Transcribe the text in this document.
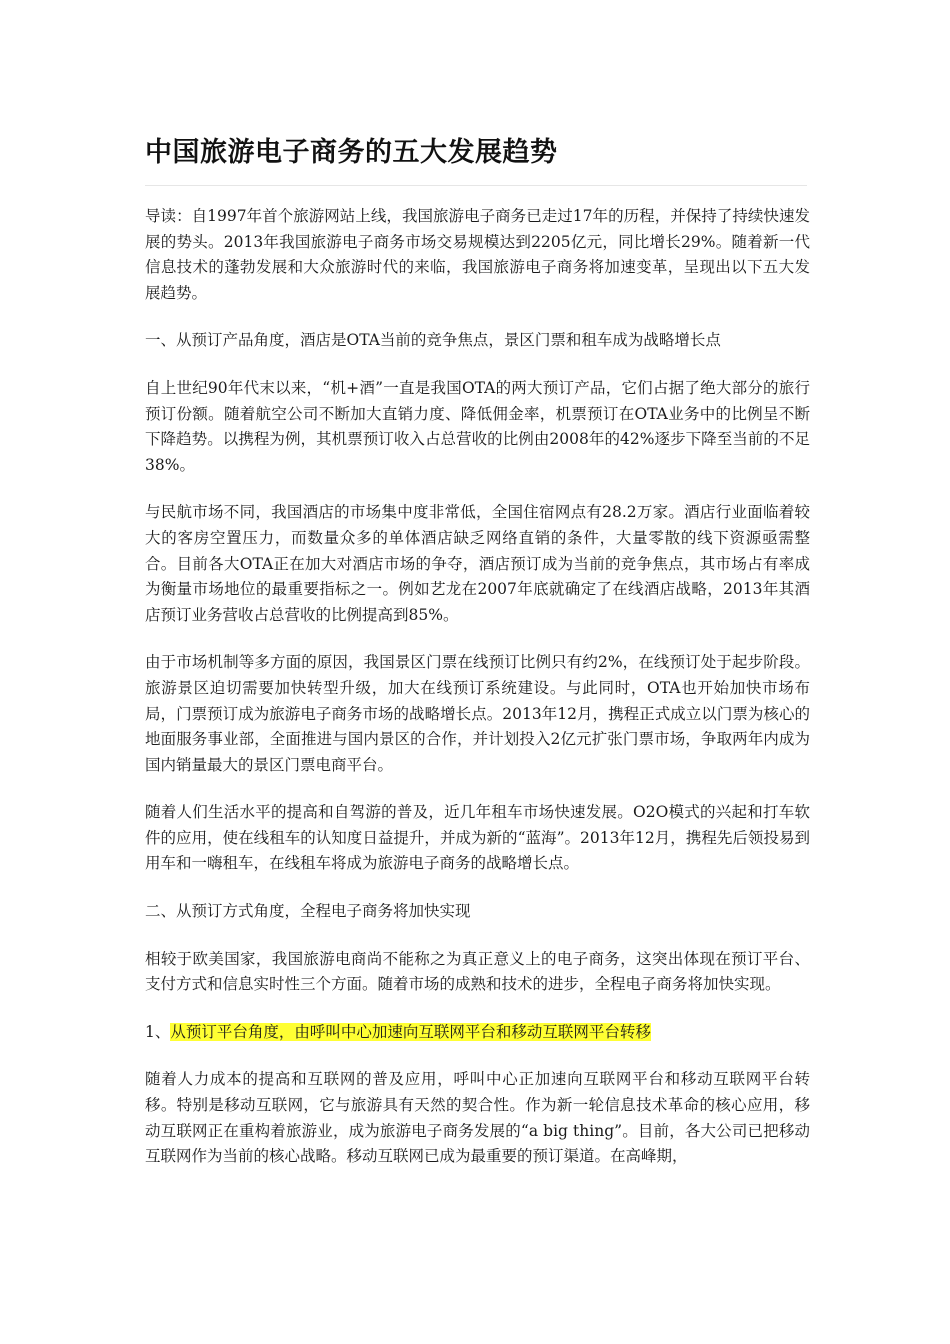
中国旅游电子商务的五大发展趋势

导读：自1997年首个旅游网站上线，我国旅游电子商务已走过17年的历程，并保持了持续快速发展的势头。2013年我国旅游电子商务市场交易规模达到2205亿元，同比增长29%。随着新一代信息技术的蓬勃发展和大众旅游时代的来临，我国旅游电子商务将加速变革，呈现出以下五大发展趋势。

一、从预订产品角度，酒店是OTA当前的竞争焦点，景区门票和租车成为战略增长点

自上世纪90年代末以来，“机+酒”一直是我国OTA的两大预订产品，它们占据了绝大部分的旅行预订份额。随着航空公司不断加大直销力度、降低佣金率，机票预订在OTA业务中的比例呈不断下降趋势。以携程为例，其机票预订收入占总营收的比例由2008年的42%逐步下降至当前的不足38%。

与民航市场不同，我国酒店的市场集中度非常低，全国住宿网点有28.2万家。酒店行业面临着较大的客房空置压力，而数量众多的单体酒店缺乏网络直销的条件，大量零散的线下资源亟需整合。目前各大OTA正在加大对酒店市场的争夺，酒店预订成为当前的竞争焦点，其市场占有率成为衡量市场地位的最重要指标之一。例如艺龙在2007年底就确定了在线酒店战略，2013年其酒店预订业务营收占总营收的比例提高到85%。

由于市场机制等多方面的原因，我国景区门票在线预订比例只有约2%，在线预订处于起步阶段。旅游景区迫切需要加快转型升级，加大在线预订系统建设。与此同时，OTA也开始加快市场布局，门票预订成为旅游电子商务市场的战略增长点。2013年12月，携程正式成立以门票为核心的地面服务事业部，全面推进与国内景区的合作，并计划投入2亿元扩张门票市场，争取两年内成为国内销量最大的景区门票电商平台。

随着人们生活水平的提高和自驾游的普及，近几年租车市场快速发展。O2O模式的兴起和打车软件的应用，使在线租车的认知度日益提升，并成为新的“蓝海”。2013年12月，携程先后领投易到用车和一嗨租车，在线租车将成为旅游电子商务的战略增长点。

二、从预订方式角度，全程电子商务将加快实现

相较于欧美国家，我国旅游电商尚不能称之为真正意义上的电子商务，这突出体现在预订平台、支付方式和信息实时性三个方面。随着市场的成熟和技术的进步，全程电子商务将加快实现。

1、从预订平台角度，由呼叫中心加速向互联网平台和移动互联网平台转移

随着人力成本的提高和互联网的普及应用，呼叫中心正加速向互联网平台和移动互联网平台转移。特别是移动互联网，它与旅游具有天然的契合性。作为新一轮信息技术革命的核心应用，移动互联网正在重构着旅游业，成为旅游电子商务发展的“a big thing”。目前，各大公司已把移动互联网作为当前的核心战略。移动互联网已成为最重要的预订渠道。在高峰期，
